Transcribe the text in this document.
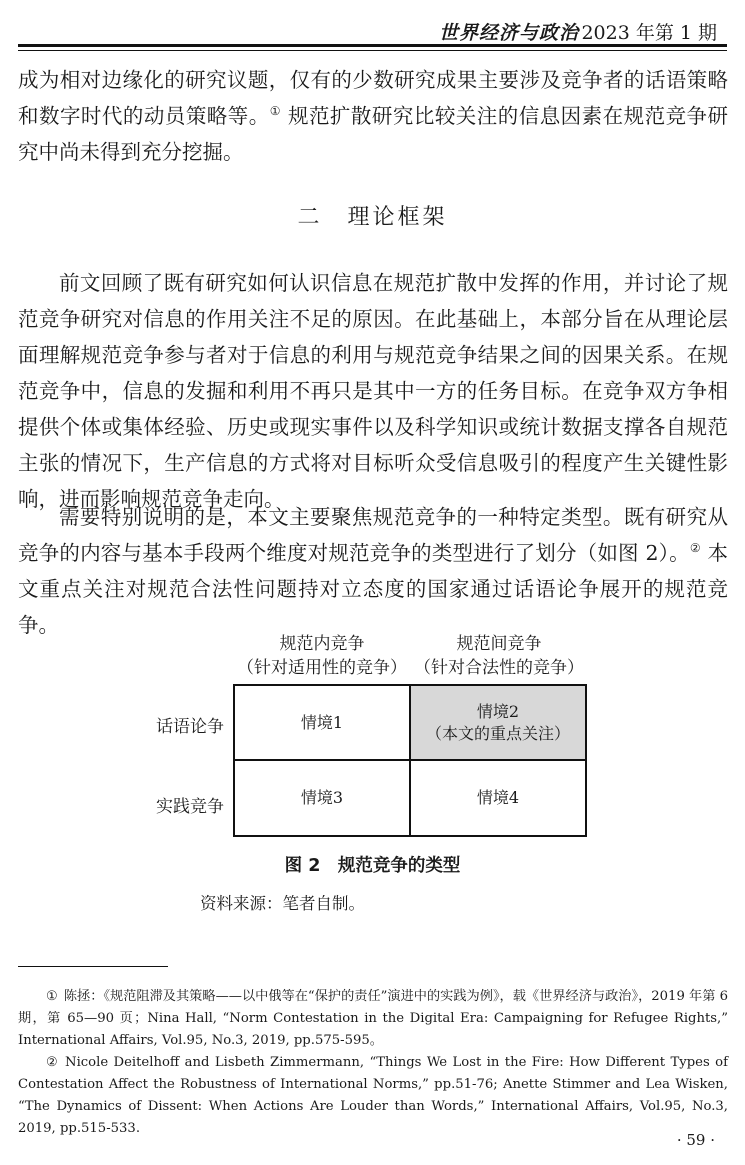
世界经济与政治 2023 年第 1 期

成为相对边缘化的研究议题，仅有的少数研究成果主要涉及竞争者的话语策略和数字时代的动员策略等。① 规范扩散研究比较关注的信息因素在规范竞争研究中尚未得到充分挖掘。

二　理论框架

前文回顾了既有研究如何认识信息在规范扩散中发挥的作用，并讨论了规范竞争研究对信息的作用关注不足的原因。在此基础上，本部分旨在从理论层面理解规范竞争参与者对于信息的利用与规范竞争结果之间的因果关系。在规范竞争中，信息的发掘和利用不再只是其中一方的任务目标。在竞争双方争相提供个体或集体经验、历史或现实事件以及科学知识或统计数据支撑各自规范主张的情况下，生产信息的方式将对目标听众受信息吸引的程度产生关键性影响，进而影响规范竞争走向。

需要特别说明的是，本文主要聚焦规范竞争的一种特定类型。既有研究从竞争的内容与基本手段两个维度对规范竞争的类型进行了划分（如图 2）。② 本文重点关注对规范合法性问题持对立态度的国家通过话语论争展开的规范竞争。

规范内竞争
（针对适用性的竞争）
规范间竞争
（针对合法性的竞争）
话语论争
实践竞争
情境1
情境2
（本文的重点关注）
情境3	情境4
图 2　规范竞争的类型
资料来源：笔者自制。

① 陈拯：《规范阻滞及其策略——以中俄等在“保护的责任”演进中的实践为例》，载《世界经济与政治》，2019 年第 6 期，第 65—90 页；Nina Hall, “Norm Contestation in the Digital Era: Campaigning for Refugee Rights,” International Affairs, Vol.95, No.3, 2019, pp.575-595。

② Nicole Deitelhoff and Lisbeth Zimmermann, “Things We Lost in the Fire: How Different Types of Contestation Affect the Robustness of International Norms,” pp.51-76; Anette Stimmer and Lea Wisken, “The Dynamics of Dissent: When Actions Are Louder than Words,” International Affairs, Vol.95, No.3, 2019, pp.515-533.

· 59 ·
